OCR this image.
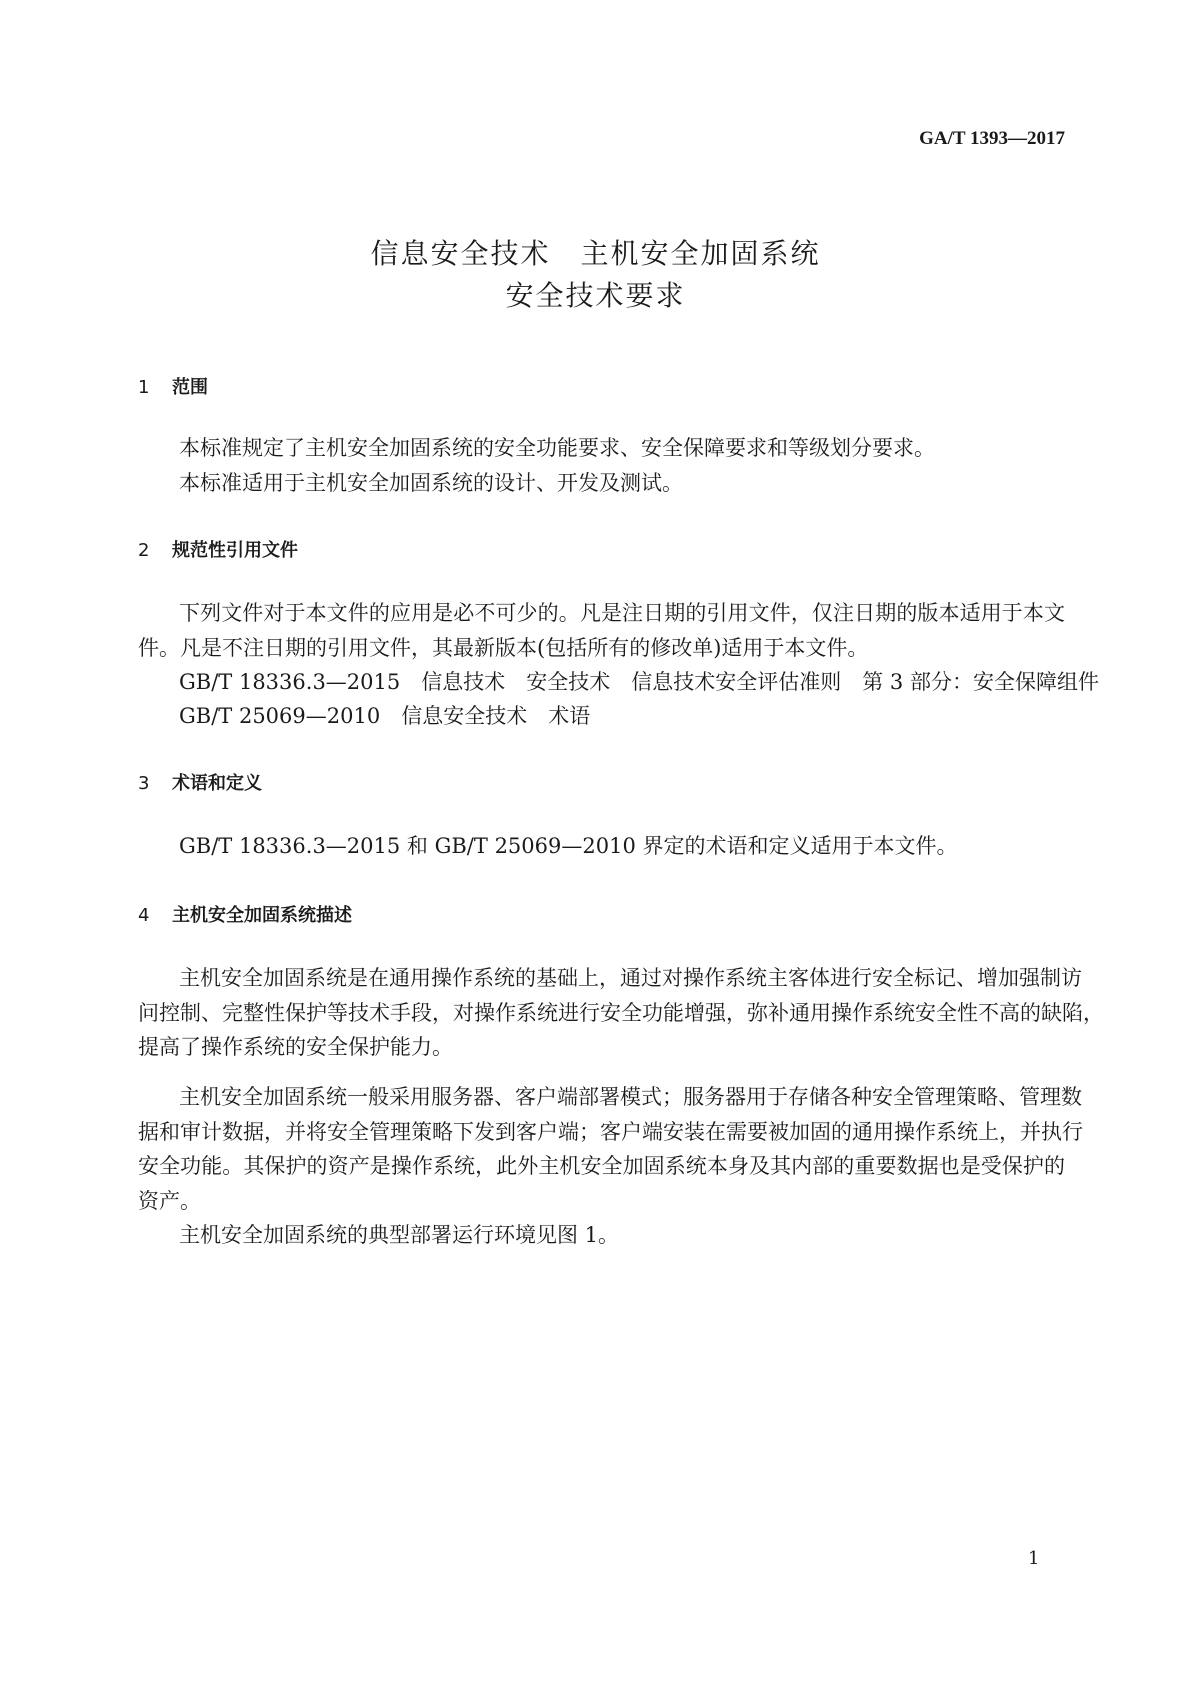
GA/T 1393—2017
信息安全技术　主机安全加固系统
安全技术要求
1 范围
本标准规定了主机安全加固系统的安全功能要求、安全保障要求和等级划分要求。
本标准适用于主机安全加固系统的设计、开发及测试。
2 规范性引用文件
下列文件对于本文件的应用是必不可少的。凡是注日期的引用文件，仅注日期的版本适用于本文
件。凡是不注日期的引用文件，其最新版本(包括所有的修改单)适用于本文件。
GB/T 18336.3—2015　信息技术　安全技术　信息技术安全评估准则　第 3 部分：安全保障组件
GB/T 25069—2010　信息安全技术　术语
3 术语和定义
GB/T 18336.3—2015 和 GB/T 25069—2010 界定的术语和定义适用于本文件。
4 主机安全加固系统描述
主机安全加固系统是在通用操作系统的基础上，通过对操作系统主客体进行安全标记、增加强制访
问控制、完整性保护等技术手段，对操作系统进行安全功能增强，弥补通用操作系统安全性不高的缺陷，
提高了操作系统的安全保护能力。
主机安全加固系统一般采用服务器、客户端部署模式；服务器用于存储各种安全管理策略、管理数
据和审计数据，并将安全管理策略下发到客户端；客户端安装在需要被加固的通用操作系统上，并执行
安全功能。其保护的资产是操作系统，此外主机安全加固系统本身及其内部的重要数据也是受保护的
资产。
主机安全加固系统的典型部署运行环境见图 1。
1
